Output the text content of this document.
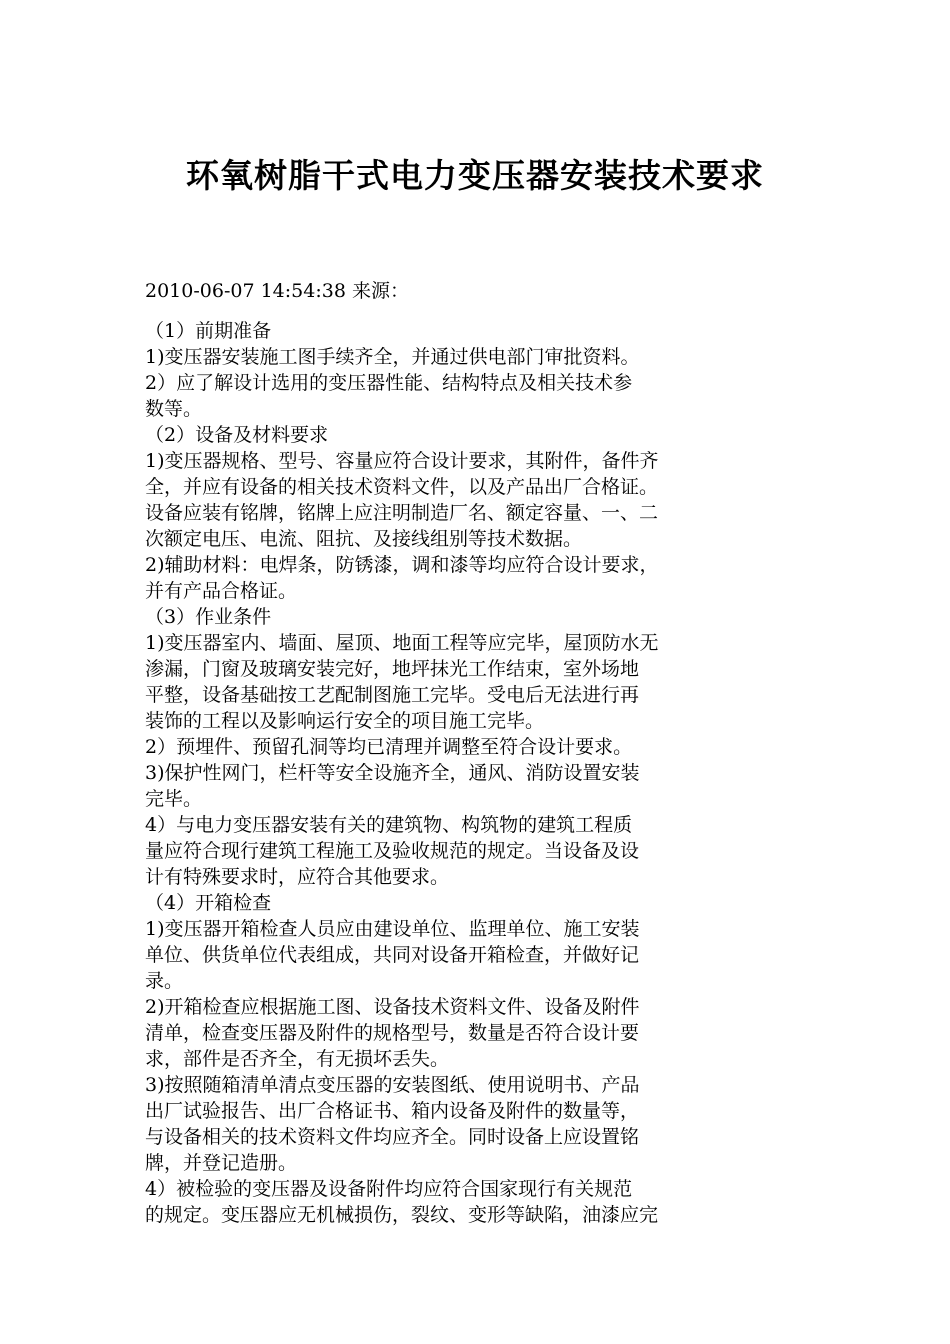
环氧树脂干式电力变压器安装技术要求

2010-06-07 14:54:38 来源：

（1）前期准备
1)变压器安装施工图手续齐全，并通过供电部门审批资料。
2）应了解设计选用的变压器性能、结构特点及相关技术参
数等。
（2）设备及材料要求
1)变压器规格、型号、容量应符合设计要求，其附件，备件齐
全，并应有设备的相关技术资料文件，以及产品出厂合格证。
设备应装有铭牌，铭牌上应注明制造厂名、额定容量、一、二
次额定电压、电流、阻抗、及接线组别等技术数据。
2)辅助材料：电焊条，防锈漆，调和漆等均应符合设计要求，
并有产品合格证。
（3）作业条件
1)变压器室内、墙面、屋顶、地面工程等应完毕，屋顶防水无
渗漏，门窗及玻璃安装完好，地坪抹光工作结束，室外场地
平整，设备基础按工艺配制图施工完毕。受电后无法进行再
装饰的工程以及影响运行安全的项目施工完毕。
2）预埋件、预留孔洞等均已清理并调整至符合设计要求。
3)保护性网门，栏杆等安全设施齐全，通风、消防设置安装
完毕。
4）与电力变压器安装有关的建筑物、构筑物的建筑工程质
量应符合现行建筑工程施工及验收规范的规定。当设备及设
计有特殊要求时，应符合其他要求。
（4）开箱检查
1)变压器开箱检查人员应由建设单位、监理单位、施工安装
单位、供货单位代表组成，共同对设备开箱检查，并做好记
录。
2)开箱检查应根据施工图、设备技术资料文件、设备及附件
清单，检查变压器及附件的规格型号，数量是否符合设计要
求，部件是否齐全，有无损坏丢失。
3)按照随箱清单清点变压器的安装图纸、使用说明书、产品
出厂试验报告、出厂合格证书、箱内设备及附件的数量等，
与设备相关的技术资料文件均应齐全。同时设备上应设置铭
牌，并登记造册。
4）被检验的变压器及设备附件均应符合国家现行有关规范
的规定。变压器应无机械损伤，裂纹、变形等缺陷，油漆应完
